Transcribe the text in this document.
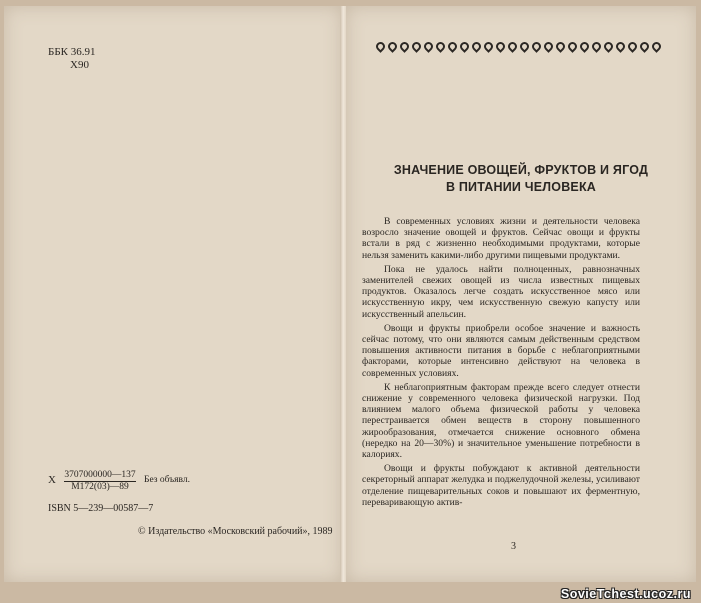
ББК 36.91
Х90
Х 3707000000—137
М172(03)—89
Без объявл.
ISBN 5—239—00587—7
© Издательство «Московский рабочий», 1989
ЗНАЧЕНИЕ ОВОЩЕЙ, ФРУКТОВ И ЯГОД
В ПИТАНИИ ЧЕЛОВЕКА

В современных условиях жизни и деятельности человека возросло значение овощей и фруктов. Сейчас овощи и фрукты встали в ряд с жизненно необходимыми продуктами, которые нельзя заменить какими-либо другими пищевыми продуктами.

Пока не удалось найти полноценных, равнозначных заменителей свежих овощей из числа известных пищевых продуктов. Оказалось легче создать искусственное мясо или искусственную икру, чем искусственную свежую капусту или искусственный апельсин.

Овощи и фрукты приобрели особое значение и важность сейчас потому, что они являются самым действенным средством повышения активности питания в борьбе с неблагоприятными факторами, которые интенсивно действуют на человека в современных условиях.

К неблагоприятным факторам прежде всего следует отнести снижение у современного человека физической нагрузки. Под влиянием малого объема физической работы у человека перестраивается обмен веществ в сторону повышенного жирообразования, отмечается снижение основного обмена (нередко на 20—30%) и значительное уменьшение потребности в калориях.

Овощи и фрукты побуждают к активной деятельности секреторный аппарат желудка и поджелудочной железы, усиливают отделение пищеварительных соков и повышают их ферментную, переваривающую актив-

3
SovieTchest.ucoz.ru
